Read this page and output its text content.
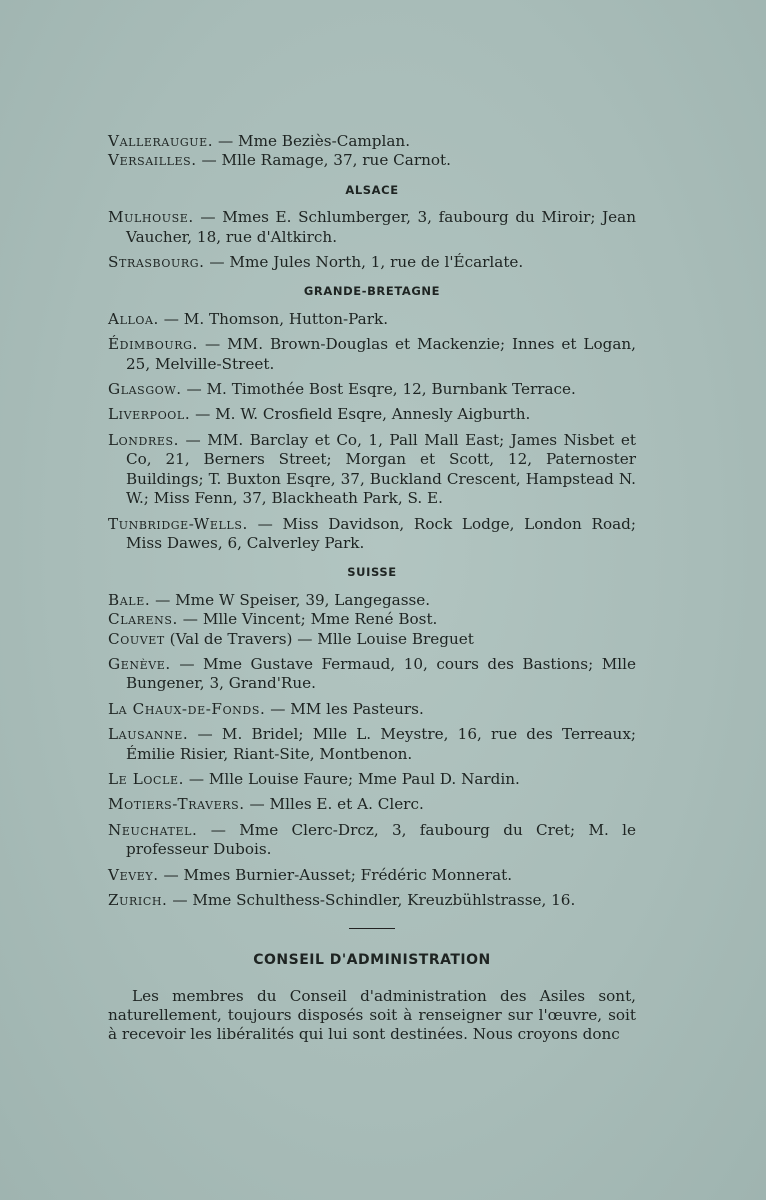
Valleraugue. — Mme Beziès-Camplan.

Versailles. — Mlle Ramage, 37, rue Carnot.

ALSACE

Mulhouse. — Mmes E. Schlumberger, 3, faubourg du Miroir; Jean Vaucher, 18, rue d'Altkirch.

Strasbourg. — Mme Jules North, 1, rue de l'Écarlate.

GRANDE-BRETAGNE

Alloa. — M. Thomson, Hutton-Park.

Édimbourg. — MM. Brown-Douglas et Mackenzie; Innes et Logan, 25, Melville-Street.

Glasgow. — M. Timothée Bost Esqre, 12, Burnbank Terrace.

Liverpool. — M. W. Crosfield Esqre, Annesly Aigburth.

Londres. — MM. Barclay et Co, 1, Pall Mall East; James Nisbet et Co, 21, Berners Street; Morgan et Scott, 12, Paternoster Buildings; T. Buxton Esqre, 37, Buckland Crescent, Hampstead N. W.; Miss Fenn, 37, Blackheath Park, S. E.

Tunbridge-Wells. — Miss Davidson, Rock Lodge, London Road; Miss Dawes, 6, Calverley Park.

SUISSE

Bale. — Mme W Speiser, 39, Langegasse.

Clarens. — Mlle Vincent; Mme René Bost.

Couvet (Val de Travers) — Mlle Louise Breguet

Genève. — Mme Gustave Fermaud, 10, cours des Bastions; Mlle Bungener, 3, Grand'Rue.

La Chaux-de-Fonds. — MM les Pasteurs.

Lausanne. — M. Bridel; Mlle L. Meystre, 16, rue des Terreaux; Émilie Risier, Riant-Site, Montbenon.

Le Locle. — Mlle Louise Faure; Mme Paul D. Nardin.

Motiers-Travers. — Mlles E. et A. Clerc.

Neuchatel. — Mme Clerc-Drcz, 3, faubourg du Cret; M. le professeur Dubois.

Vevey. — Mmes Burnier-Ausset; Frédéric Monnerat.

Zurich. — Mme Schulthess-Schindler, Kreuzbühlstrasse, 16.

CONSEIL D'ADMINISTRATION

Les membres du Conseil d'administration des Asiles sont, naturellement, toujours disposés soit à renseigner sur l'œuvre, soit à recevoir les libéralités qui lui sont destinées. Nous croyons donc
